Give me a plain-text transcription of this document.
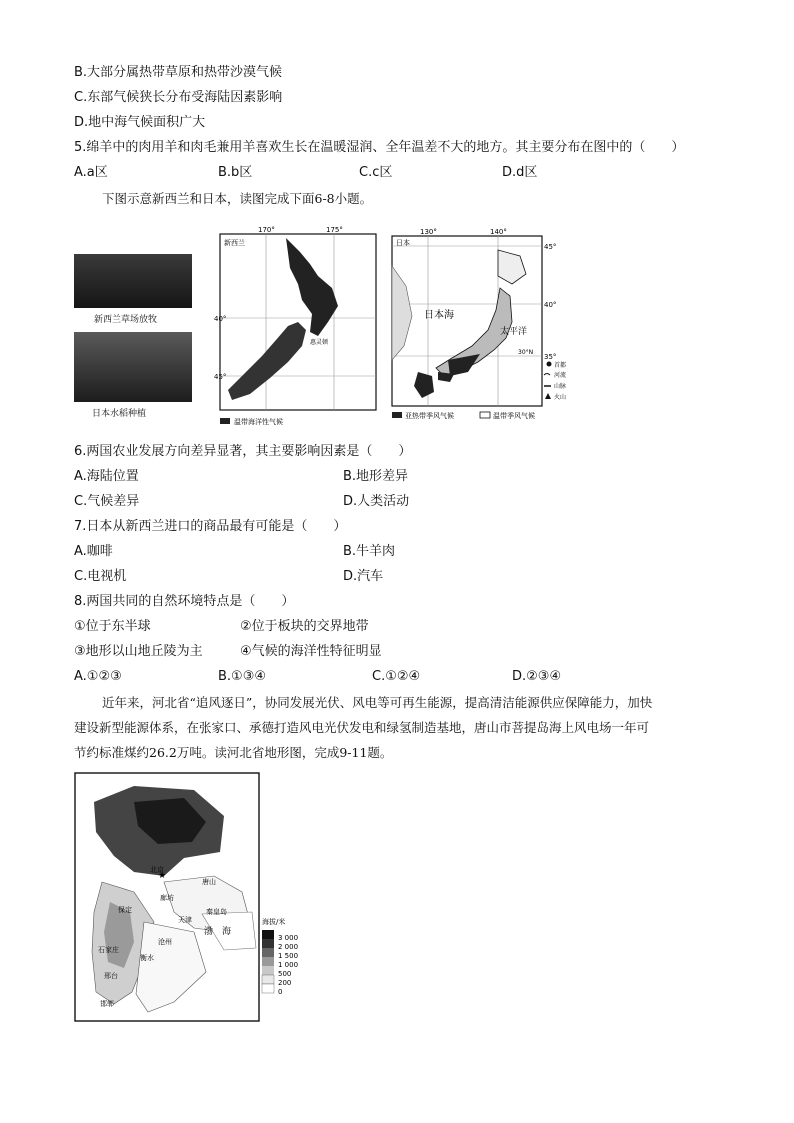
B.大部分属热带草原和热带沙漠气候
C.东部气候狭长分布受海陆因素影响
D.地中海气候面积广大
5.绵羊中的肉用羊和肉毛兼用羊喜欢生长在温暖湿润、全年温差不大的地方。其主要分布在图中的（　　）
A.a区	B.b区	C.c区	D.d区
下图示意新西兰和日本，读图完成下面6-8小题。
新西兰草场放牧
日本水稻种植
新西兰
170°	175°
40°
45°
惠灵顿
温带海洋性气候
日本
130°	140°
45°
40°
35°
日本海
太平洋
30°N
首都
河流
山脉
火山
亚热带季风气候	温带季风气候
6.两国农业发展方向差异显著，其主要影响因素是（　　）
A.海陆位置	B.地形差异
C.气候差异	D.人类活动
7.日本从新西兰进口的商品最有可能是（　　）
A.咖啡	B.牛羊肉
C.电视机	D.汽车
8.两国共同的自然环境特点是（　　）
①位于东半球	②位于板块的交界地带
③地形以山地丘陵为主	④气候的海洋性特征明显
A.①②③	B.①③④	C.①②④	D.②③④
近年来，河北省“追风逐日”，协同发展光伏、风电等可再生能源，提高清洁能源供应保障能力，加快
建设新型能源体系，在张家口、承德打造风电光伏发电和绿氢制造基地，唐山市菩提岛海上风电场一年可
节约标准煤约26.2万吨。读河北省地形图，完成9-11题。
北京
★
唐山
秦皇岛
廊坊
天津
保定
沧州
衡水
石家庄
邢台
邯郸
渤　海
海拔/米
3 000
2 000
1 500
1 000
500
200
0
